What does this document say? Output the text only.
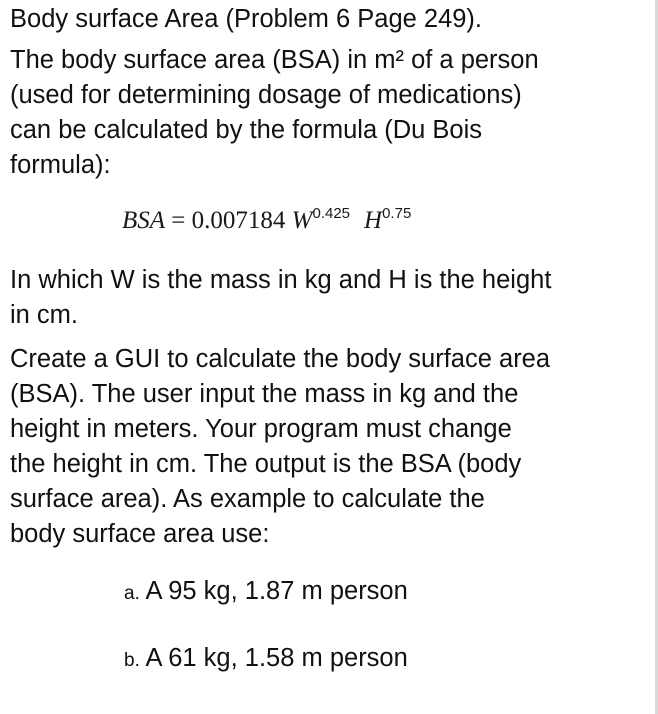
Body surface Area (Problem 6 Page 249).
The body surface area (BSA) in m² of a person
(used for determining dosage of medications)
can be calculated by the formula (Du Bois
formula):
BSA = 0.007184 $W^{0.425}$ $H^{0.75}$
In which W is the mass in kg and H is the height
in cm.
Create a GUI to calculate the body surface area
(BSA). The user input the mass in kg and the
height in meters. Your program must change
the height in cm. The output is the BSA (body
surface area). As example to calculate the
body surface area use:
a. A 95 kg, 1.87 m person
b. A 61 kg, 1.58 m person
